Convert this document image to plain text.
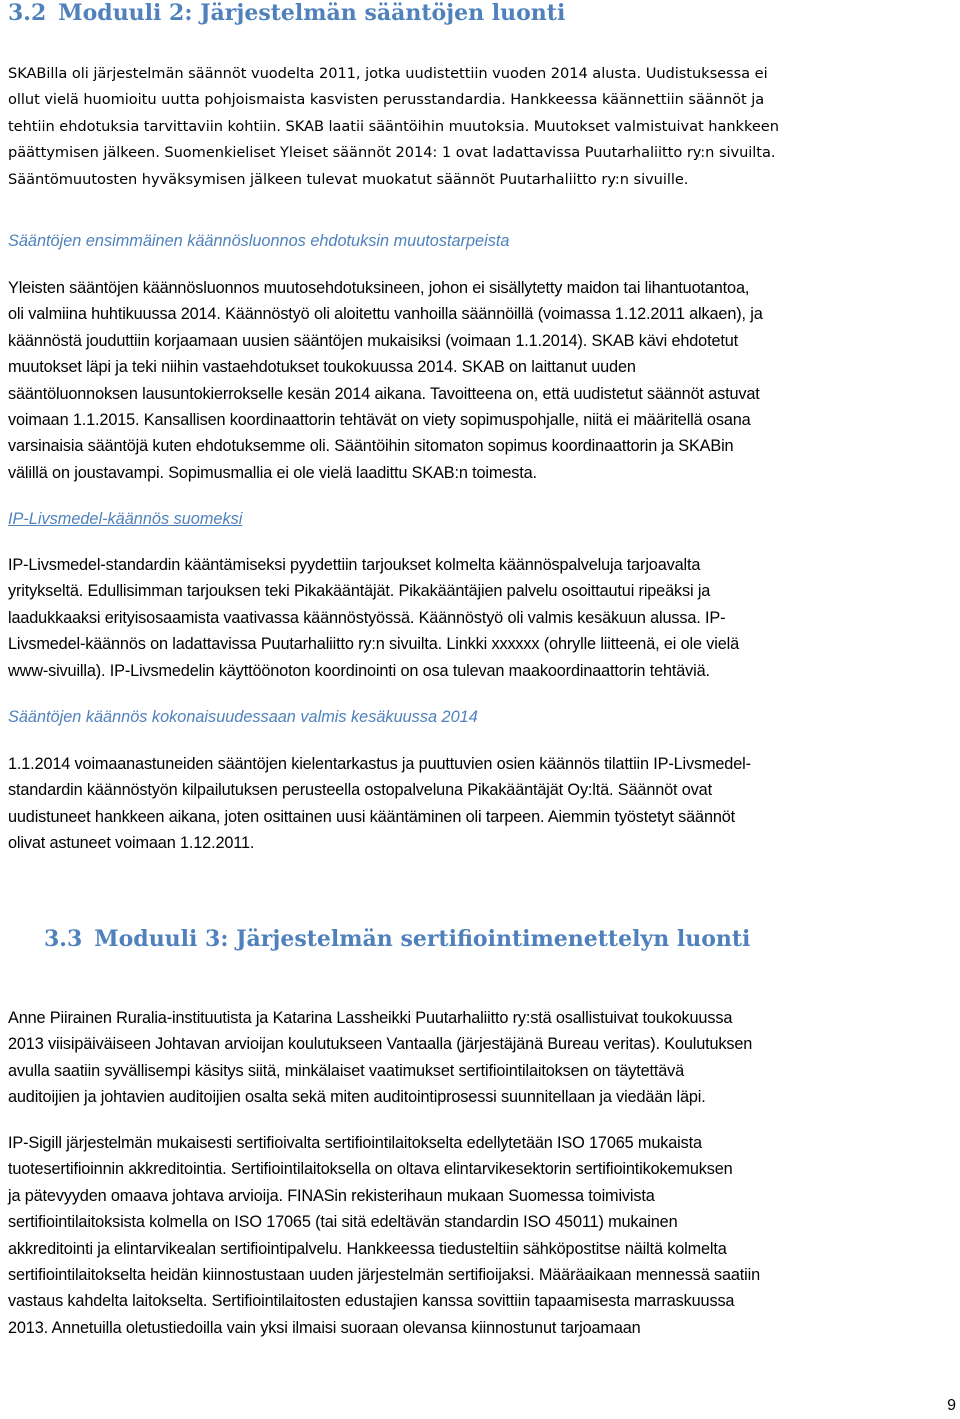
3.2 Moduuli 2: Järjestelmän sääntöjen luonti
SKABilla oli järjestelmän säännöt vuodelta 2011, jotka uudistettiin vuoden 2014 alusta. Uudistuksessa ei
ollut vielä huomioitu uutta pohjoismaista kasvisten perusstandardia. Hankkeessa käännettiin säännöt ja
tehtiin ehdotuksia tarvittaviin kohtiin. SKAB laatii sääntöihin muutoksia. Muutokset valmistuivat hankkeen
päättymisen jälkeen. Suomenkieliset Yleiset säännöt 2014: 1 ovat ladattavissa Puutarhaliitto ry:n sivuilta.
Sääntömuutosten hyväksymisen jälkeen tulevat muokatut säännöt Puutarhaliitto ry:n sivuille.

Sääntöjen ensimmäinen käännösluonnos ehdotuksin muutostarpeista

Yleisten sääntöjen käännösluonnos muutosehdotuksineen, johon ei sisällytetty maidon tai lihantuotantoa,
oli valmiina huhtikuussa 2014. Käännöstyö oli aloitettu vanhoilla säännöillä (voimassa 1.12.2011 alkaen), ja
käännöstä jouduttiin korjaamaan uusien sääntöjen mukaisiksi (voimaan 1.1.2014). SKAB kävi ehdotetut
muutokset läpi ja teki niihin vastaehdotukset toukokuussa 2014. SKAB on laittanut uuden
sääntöluonnoksen lausuntokierrokselle kesän 2014 aikana. Tavoitteena on, että uudistetut säännöt astuvat
voimaan 1.1.2015. Kansallisen koordinaattorin tehtävät on viety sopimuspohjalle, niitä ei määritellä osana
varsinaisia sääntöjä kuten ehdotuksemme oli. Sääntöihin sitomaton sopimus koordinaattorin ja SKABin
välillä on joustavampi. Sopimusmallia ei ole vielä laadittu SKAB:n toimesta.

IP-Livsmedel-käännös suomeksi

IP-Livsmedel-standardin kääntämiseksi pyydettiin tarjoukset kolmelta käännöspalveluja tarjoavalta
yritykseltä. Edullisimman tarjouksen teki Pikakääntäjät. Pikakääntäjien palvelu osoittautui ripeäksi ja
laadukkaaksi erityisosaamista vaativassa käännöstyössä. Käännöstyö oli valmis kesäkuun alussa. IP-
Livsmedel-käännös on ladattavissa Puutarhaliitto ry:n sivuilta. Linkki xxxxxx (ohrylle liitteenä, ei ole vielä
www-sivuilla). IP-Livsmedelin käyttöönoton koordinointi on osa tulevan maakoordinaattorin tehtäviä.

Sääntöjen käännös kokonaisuudessaan valmis kesäkuussa 2014

1.1.2014 voimaanastuneiden sääntöjen kielentarkastus ja puuttuvien osien käännös tilattiin IP-Livsmedel-
standardin käännöstyön kilpailutuksen perusteella ostopalveluna Pikakääntäjät Oy:ltä. Säännöt ovat
uudistuneet hankkeen aikana, joten osittainen uusi kääntäminen oli tarpeen. Aiemmin työstetyt säännöt
olivat astuneet voimaan 1.12.2011.
3.3 Moduuli 3: Järjestelmän sertifiointimenettelyn luonti
Anne Piirainen Ruralia-instituutista ja Katarina Lassheikki Puutarhaliitto ry:stä osallistuivat toukokuussa
2013 viisipäiväiseen Johtavan arvioijan koulutukseen Vantaalla (järjestäjänä Bureau veritas). Koulutuksen
avulla saatiin syvällisempi käsitys siitä, minkälaiset vaatimukset sertifiointilaitoksen on täytettävä
auditoijien ja johtavien auditoijien osalta sekä miten auditointiprosessi suunnitellaan ja viedään läpi.
IP-Sigill järjestelmän mukaisesti sertifioivalta sertifiointilaitokselta edellytetään ISO 17065 mukaista
tuotesertifioinnin akkreditointia. Sertifiointilaitoksella on oltava elintarvikesektorin sertifiointikokemuksen
ja pätevyyden omaava johtava arvioija. FINASin rekisterihaun mukaan Suomessa toimivista
sertifiointilaitoksista kolmella on ISO 17065 (tai sitä edeltävän standardin ISO 45011) mukainen
akkreditointi ja elintarvikealan sertifiointipalvelu. Hankkeessa tiedusteltiin sähköpostitse näiltä kolmelta
sertifiointilaitokselta heidän kiinnostustaan uuden järjestelmän sertifioijaksi. Määräaikaan mennessä saatiin
vastaus kahdelta laitokselta. Sertifiointilaitosten edustajien kanssa sovittiin tapaamisesta marraskuussa
2013. Annetuilla oletustiedoilla vain yksi ilmaisi suoraan olevansa kiinnostunut tarjoamaan

9
